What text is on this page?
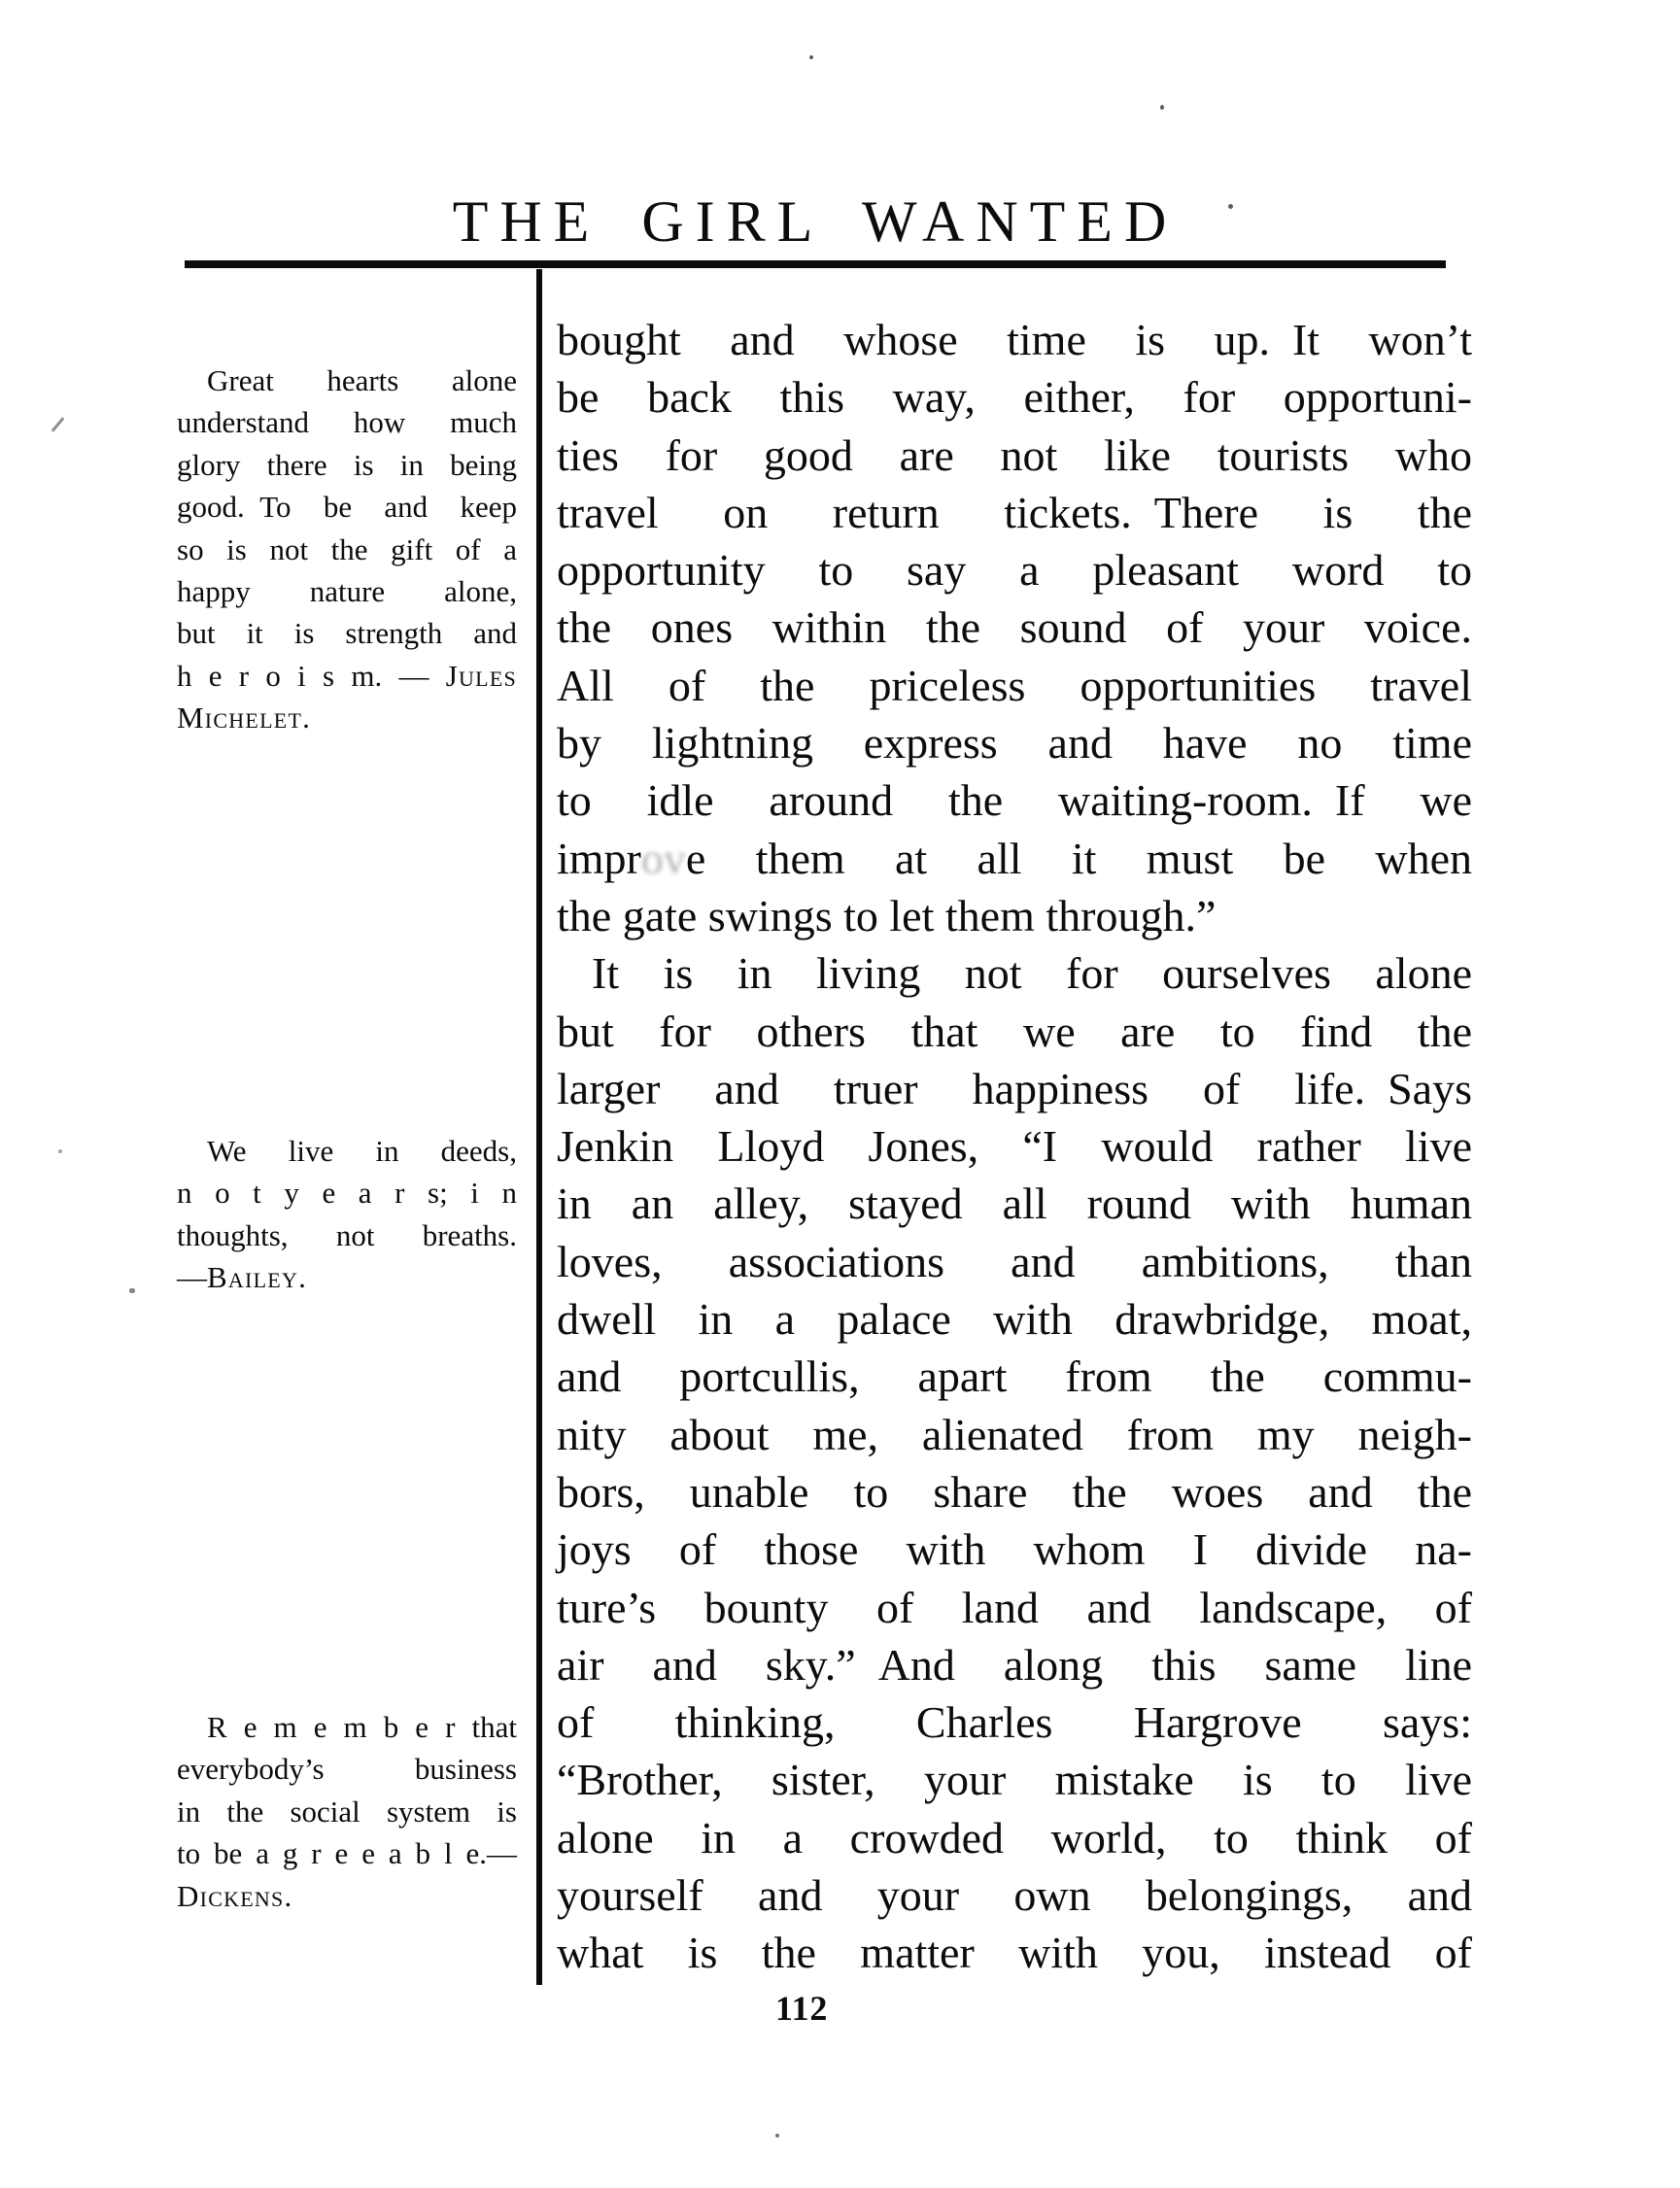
THE GIRL WANTED
Great hearts alone
understand how much
glory there is in being
good. To be and keep
so is not the gift of a
happy nature alone,
but it is strength and
h e r o i s m. — Jules
Michelet.
We live in deeds,
n o t y e a r s; i n
thoughts, not breaths.
—Bailey.
R e m e m b e r that
everybody’s business
in the social system is
to be a g r e e a b l e.—
Dickens.
bought and whose time is up. It won’t
be back this way, either, for opportuni-
ties for good are not like tourists who
travel on return tickets. There is the
opportunity to say a pleasant word to
the ones within the sound of your voice.
All of the priceless opportunities travel
by lightning express and have no time
to idle around the waiting-room. If we
improve them at all it must be when
the gate swings to let them through.”
It is in living not for ourselves alone
but for others that we are to find the
larger and truer happiness of life. Says
Jenkin Lloyd Jones, “I would rather live
in an alley, stayed all round with human
loves, associations and ambitions, than
dwell in a palace with drawbridge, moat,
and portcullis, apart from the commu-
nity about me, alienated from my neigh-
bors, unable to share the woes and the
joys of those with whom I divide na-
ture’s bounty of land and landscape, of
air and sky.” And along this same line
of thinking, Charles Hargrove says:
“Brother, sister, your mistake is to live
alone in a crowded world, to think of
yourself and your own belongings, and
what is the matter with you, instead of
112
